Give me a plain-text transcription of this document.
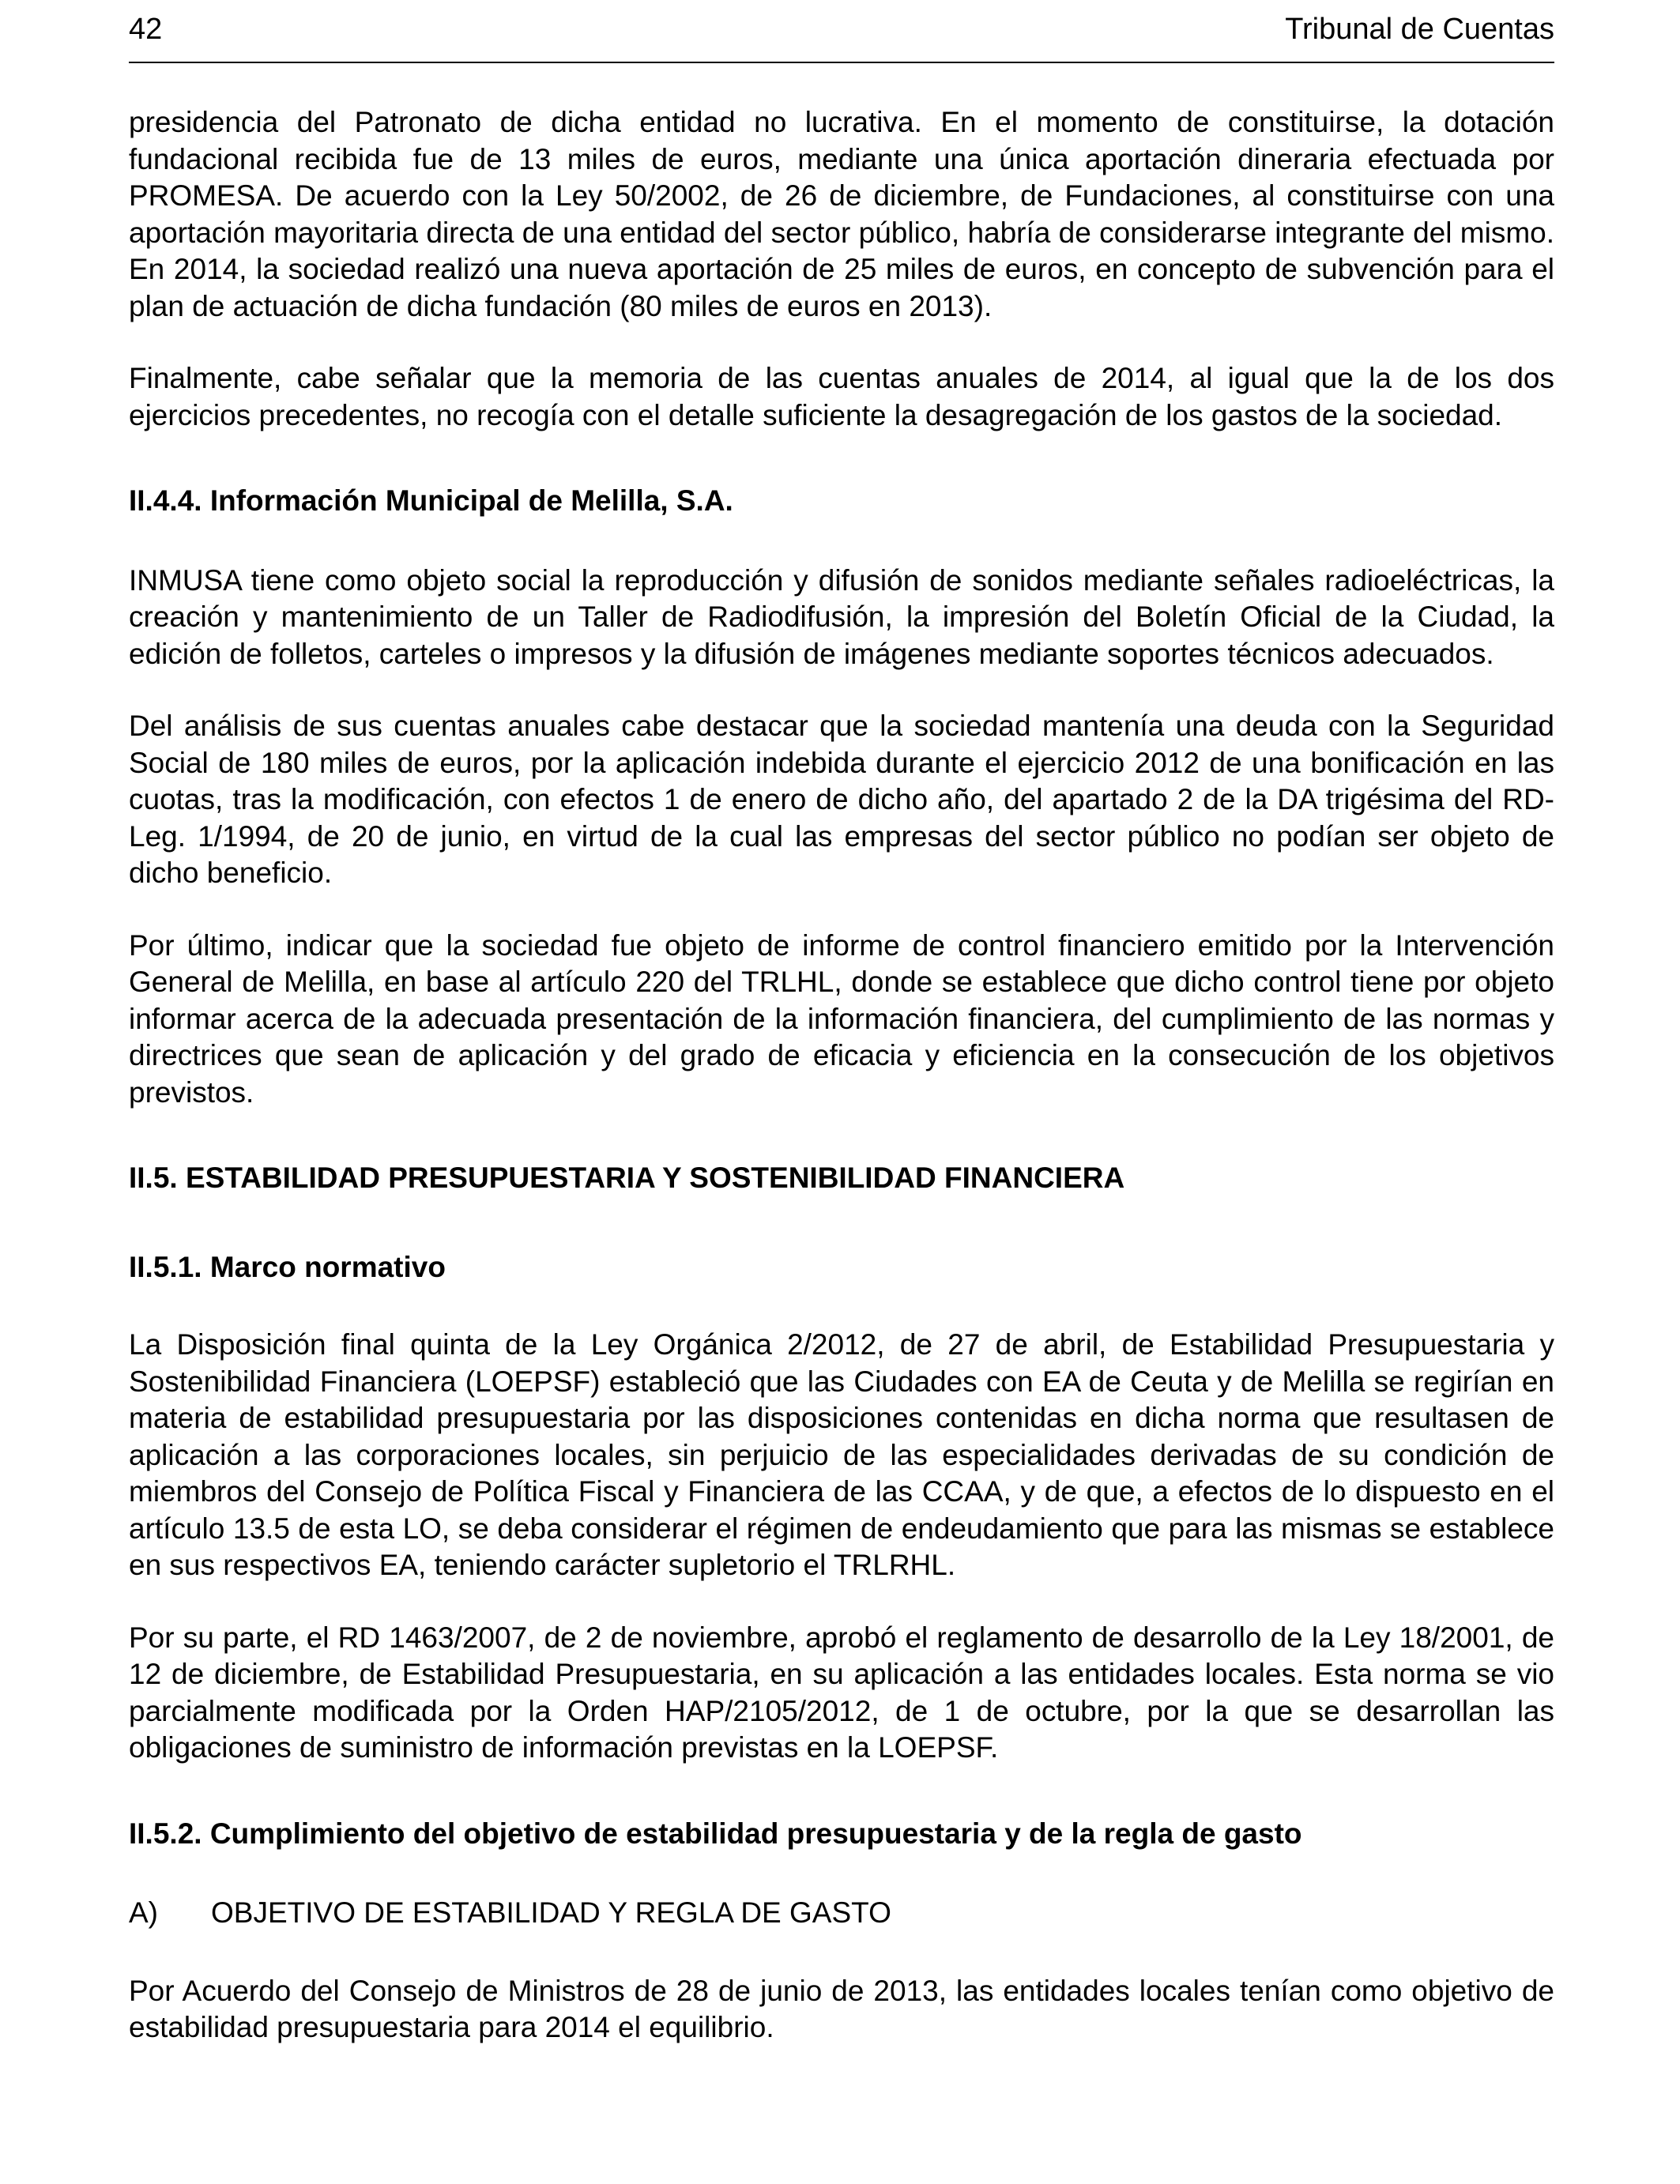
42	Tribunal de Cuentas

presidencia del Patronato de dicha entidad no lucrativa. En el momento de constituirse, la dotación fundacional recibida fue de 13 miles de euros, mediante una única aportación dineraria efectuada por PROMESA. De acuerdo con la Ley 50/2002, de 26 de diciembre, de Fundaciones, al constituirse con una aportación mayoritaria directa de una entidad del sector público, habría de considerarse integrante del mismo. En 2014, la sociedad realizó una nueva aportación de 25 miles de euros, en concepto de subvención para el plan de actuación de dicha fundación (80 miles de euros en 2013).

Finalmente, cabe señalar que la memoria de las cuentas anuales de 2014, al igual que la de los dos ejercicios precedentes, no recogía con el detalle suficiente la desagregación de los gastos de la sociedad.

II.4.4. Información Municipal de Melilla, S.A.

INMUSA tiene como objeto social la reproducción y difusión de sonidos mediante señales radioeléctricas, la creación y mantenimiento de un Taller de Radiodifusión, la impresión del Boletín Oficial de la Ciudad, la edición de folletos, carteles o impresos y la difusión de imágenes mediante soportes técnicos adecuados.

Del análisis de sus cuentas anuales cabe destacar que la sociedad mantenía una deuda con la Seguridad Social de 180 miles de euros, por la aplicación indebida durante el ejercicio 2012 de una bonificación en las cuotas, tras la modificación, con efectos 1 de enero de dicho año, del apartado 2 de la DA trigésima del RD-Leg. 1/1994, de 20 de junio, en virtud de la cual las empresas del sector público no podían ser objeto de dicho beneficio.

Por último, indicar que la sociedad fue objeto de informe de control financiero emitido por la Intervención General de Melilla, en base al artículo 220 del TRLHL, donde se establece que dicho control tiene por objeto informar acerca de la adecuada presentación de la información financiera, del cumplimiento de las normas y directrices que sean de aplicación y del grado de eficacia y eficiencia en la consecución de los objetivos previstos.

II.5. ESTABILIDAD PRESUPUESTARIA Y SOSTENIBILIDAD FINANCIERA
II.5.1. Marco normativo

La Disposición final quinta de la Ley Orgánica 2/2012, de 27 de abril, de Estabilidad Presupuestaria y Sostenibilidad Financiera (LOEPSF) estableció que las Ciudades con EA de Ceuta y de Melilla se regirían en materia de estabilidad presupuestaria por las disposiciones contenidas en dicha norma que resultasen de aplicación a las corporaciones locales, sin perjuicio de las especialidades derivadas de su condición de miembros del Consejo de Política Fiscal y Financiera de las CCAA, y de que, a efectos de lo dispuesto en el artículo 13.5 de esta LO, se deba considerar el régimen de endeudamiento que para las mismas se establece en sus respectivos EA, teniendo carácter supletorio el TRLRHL.

Por su parte, el RD 1463/2007, de 2 de noviembre, aprobó el reglamento de desarrollo de la Ley 18/2001, de 12 de diciembre, de Estabilidad Presupuestaria, en su aplicación a las entidades locales. Esta norma se vio parcialmente modificada por la Orden HAP/2105/2012, de 1 de octubre, por la que se desarrollan las obligaciones de suministro de información previstas en la LOEPSF.

II.5.2. Cumplimiento del objetivo de estabilidad presupuestaria y de la regla de gasto
A)	OBJETIVO DE ESTABILIDAD Y REGLA DE GASTO

Por Acuerdo del Consejo de Ministros de 28 de junio de 2013, las entidades locales tenían como objetivo de estabilidad presupuestaria para 2014 el equilibrio.
